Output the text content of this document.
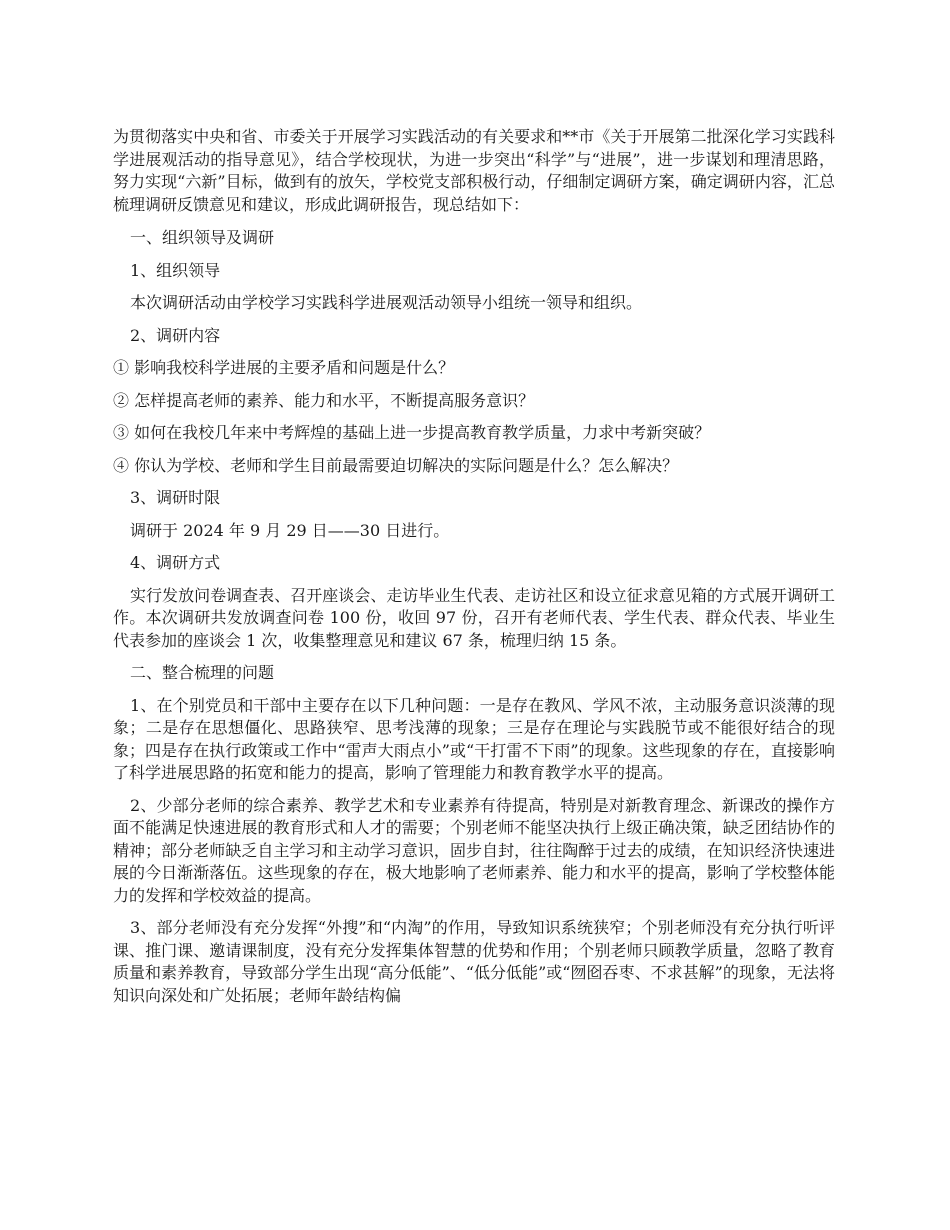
为贯彻落实中央和省、市委关于开展学习实践活动的有关要求和**市《关于开展第二批深化学习实践科学进展观活动的指导意见》，结合学校现状，为进一步突出“科学”与“进展”，进一步谋划和理清思路，努力实现“六新”目标，做到有的放矢，学校党支部积极行动，仔细制定调研方案，确定调研内容，汇总梳理调研反馈意见和建议，形成此调研报告，现总结如下：

一、组织领导及调研

1、组织领导

本次调研活动由学校学习实践科学进展观活动领导小组统一领导和组织。

2、调研内容

① 影响我校科学进展的主要矛盾和问题是什么？

② 怎样提高老师的素养、能力和水平，不断提高服务意识？

③ 如何在我校几年来中考辉煌的基础上进一步提高教育教学质量，力求中考新突破？

④ 你认为学校、老师和学生目前最需要迫切解决的实际问题是什么？怎么解决？

3、调研时限

调研于 2024 年 9 月 29 日——30 日进行。

4、调研方式

实行发放问卷调查表、召开座谈会、走访毕业生代表、走访社区和设立征求意见箱的方式展开调研工作。本次调研共发放调查问卷 100 份，收回 97 份，召开有老师代表、学生代表、群众代表、毕业生代表参加的座谈会 1 次，收集整理意见和建议 67 条，梳理归纳 15 条。

二、整合梳理的问题

1、在个别党员和干部中主要存在以下几种问题：一是存在教风、学风不浓，主动服务意识淡薄的现象；二是存在思想僵化、思路狭窄、思考浅薄的现象；三是存在理论与实践脱节或不能很好结合的现象；四是存在执行政策或工作中“雷声大雨点小”或“干打雷不下雨”的现象。这些现象的存在，直接影响了科学进展思路的拓宽和能力的提高，影响了管理能力和教育教学水平的提高。

2、少部分老师的综合素养、教学艺术和专业素养有待提高，特别是对新教育理念、新课改的操作方面不能满足快速进展的教育形式和人才的需要；个别老师不能坚决执行上级正确决策，缺乏团结协作的精神；部分老师缺乏自主学习和主动学习意识，固步自封，往往陶醉于过去的成绩，在知识经济快速进展的今日渐渐落伍。这些现象的存在，极大地影响了老师素养、能力和水平的提高，影响了学校整体能力的发挥和学校效益的提高。

3、部分老师没有充分发挥“外搜”和“内淘”的作用，导致知识系统狭窄；个别老师没有充分执行听评课、推门课、邀请课制度，没有充分发挥集体智慧的优势和作用；个别老师只顾教学质量，忽略了教育质量和素养教育，导致部分学生出现“高分低能”、“低分低能”或“囫囵吞枣、不求甚解”的现象，无法将知识向深处和广处拓展；老师年龄结构偏
